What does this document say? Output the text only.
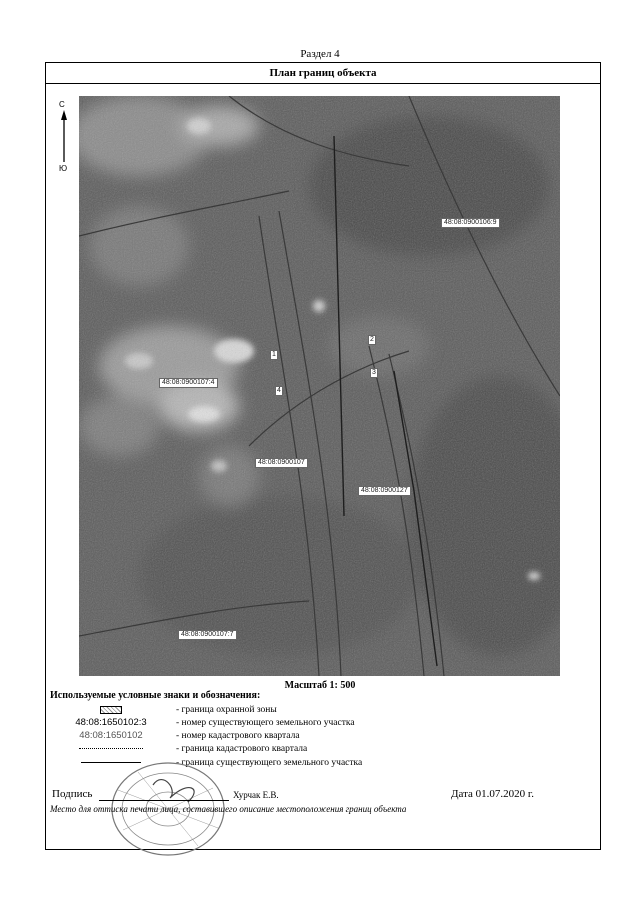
Раздел 4
План границ объекта
С
Ю
48:08:0900106:9
48:08:0900107:4
48:08:0900107
48:08:0900127
48:08:0900107:7
1
2
3
4
Масштаб 1: 500
Используемые условные знаки и обозначения:
- граница охранной зоны
48:08:1650102:3	- номер существующего земельного участка
48:08:1650102	- номер кадастрового квартала
- граница кадастрового квартала
- граница существующего земельного участка
Подпись	Хурчак Е.В.	Дата 01.07.2020 г.
Место для оттиска печати лица, составившего описание местоположения границ объекта
